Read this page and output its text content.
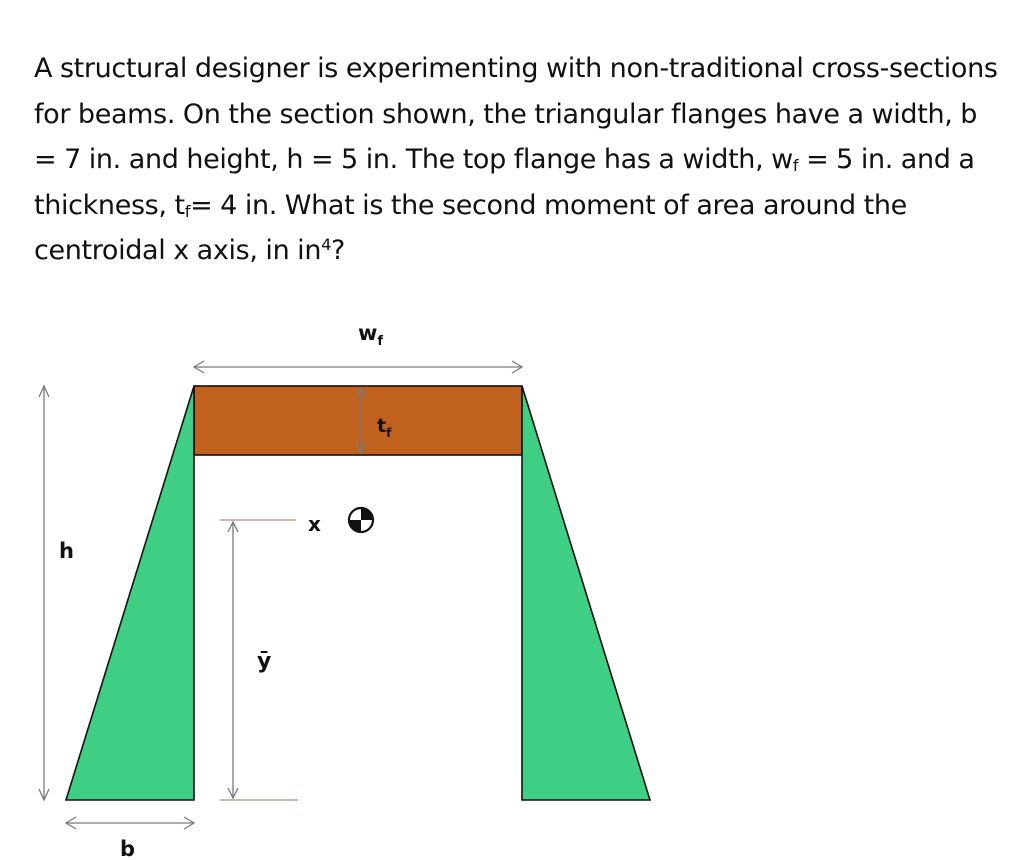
A structural designer is experimenting with non-traditional cross-sections for beams. On the section shown, the triangular flanges have a width, b = 7 in. and height, h = 5 in. The top flange has a width, $w_f = 5$ in. and a thickness, $t_f= 4$ in. What is the second moment of area around the centroidal x axis, in $in^4$?

$w_f$
$t_f$
h
b
ȳ
x
